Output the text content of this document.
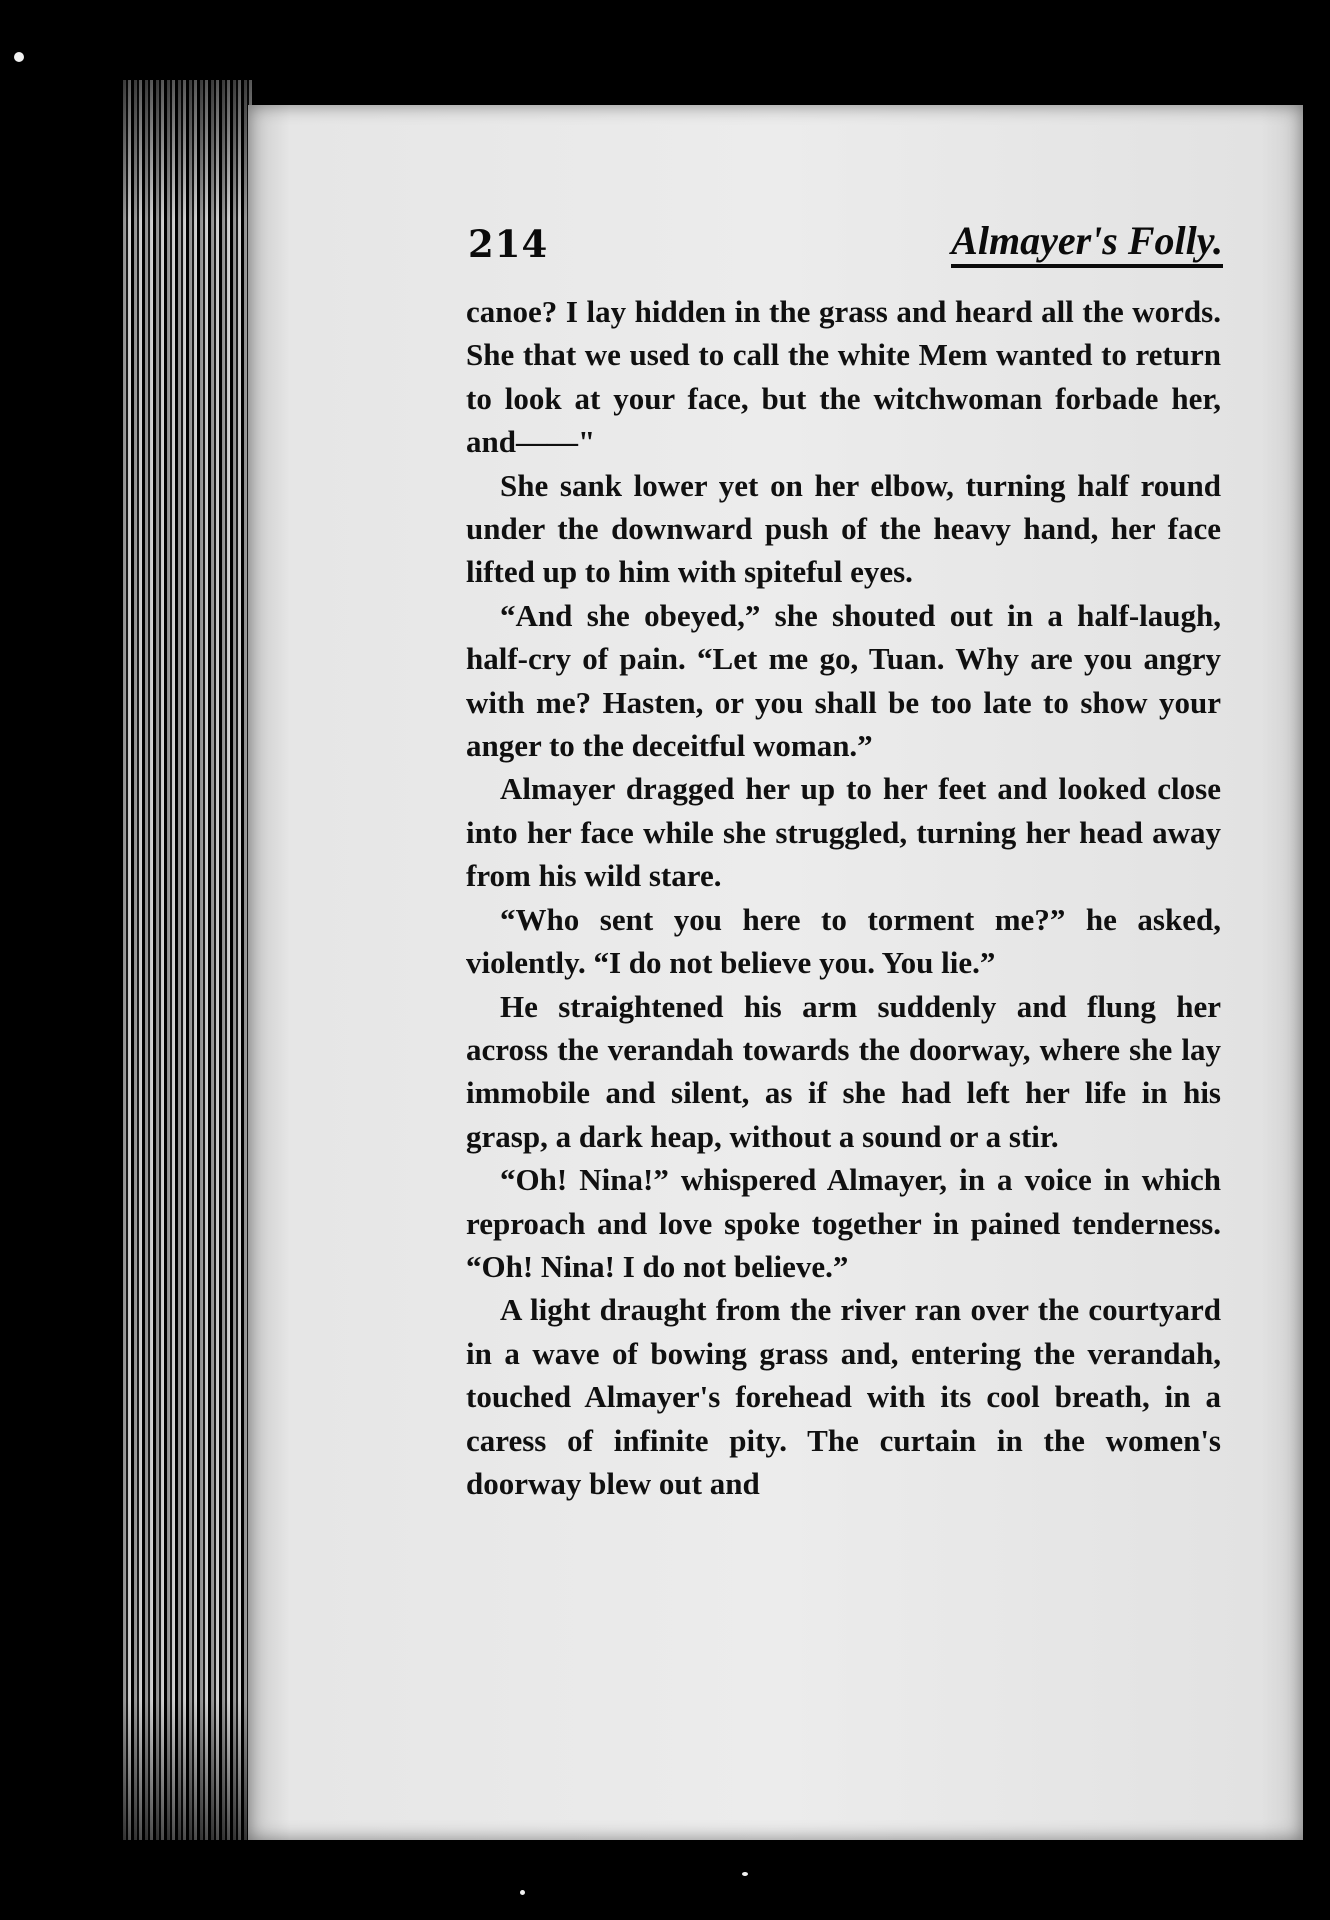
214	Almayer's Folly.

canoe? I lay hidden in the grass and heard all the words. She that we used to call the white Mem wanted to return to look at your face, but the witchwoman forbade her, and——"

She sank lower yet on her elbow, turning half round under the downward push of the heavy hand, her face lifted up to him with spiteful eyes.

“And she obeyed,” she shouted out in a half-laugh, half-cry of pain. “Let me go, Tuan. Why are you angry with me? Hasten, or you shall be too late to show your anger to the deceitful woman.”

Almayer dragged her up to her feet and looked close into her face while she struggled, turning her head away from his wild stare.

“Who sent you here to torment me?” he asked, violently. “I do not believe you. You lie.”

He straightened his arm suddenly and flung her across the verandah towards the doorway, where she lay immobile and silent, as if she had left her life in his grasp, a dark heap, without a sound or a stir.

“Oh! Nina!” whispered Almayer, in a voice in which reproach and love spoke together in pained tenderness. “Oh! Nina! I do not believe.”

A light draught from the river ran over the courtyard in a wave of bowing grass and, entering the verandah, touched Almayer's forehead with its cool breath, in a caress of infinite pity. The curtain in the women's doorway blew out and
